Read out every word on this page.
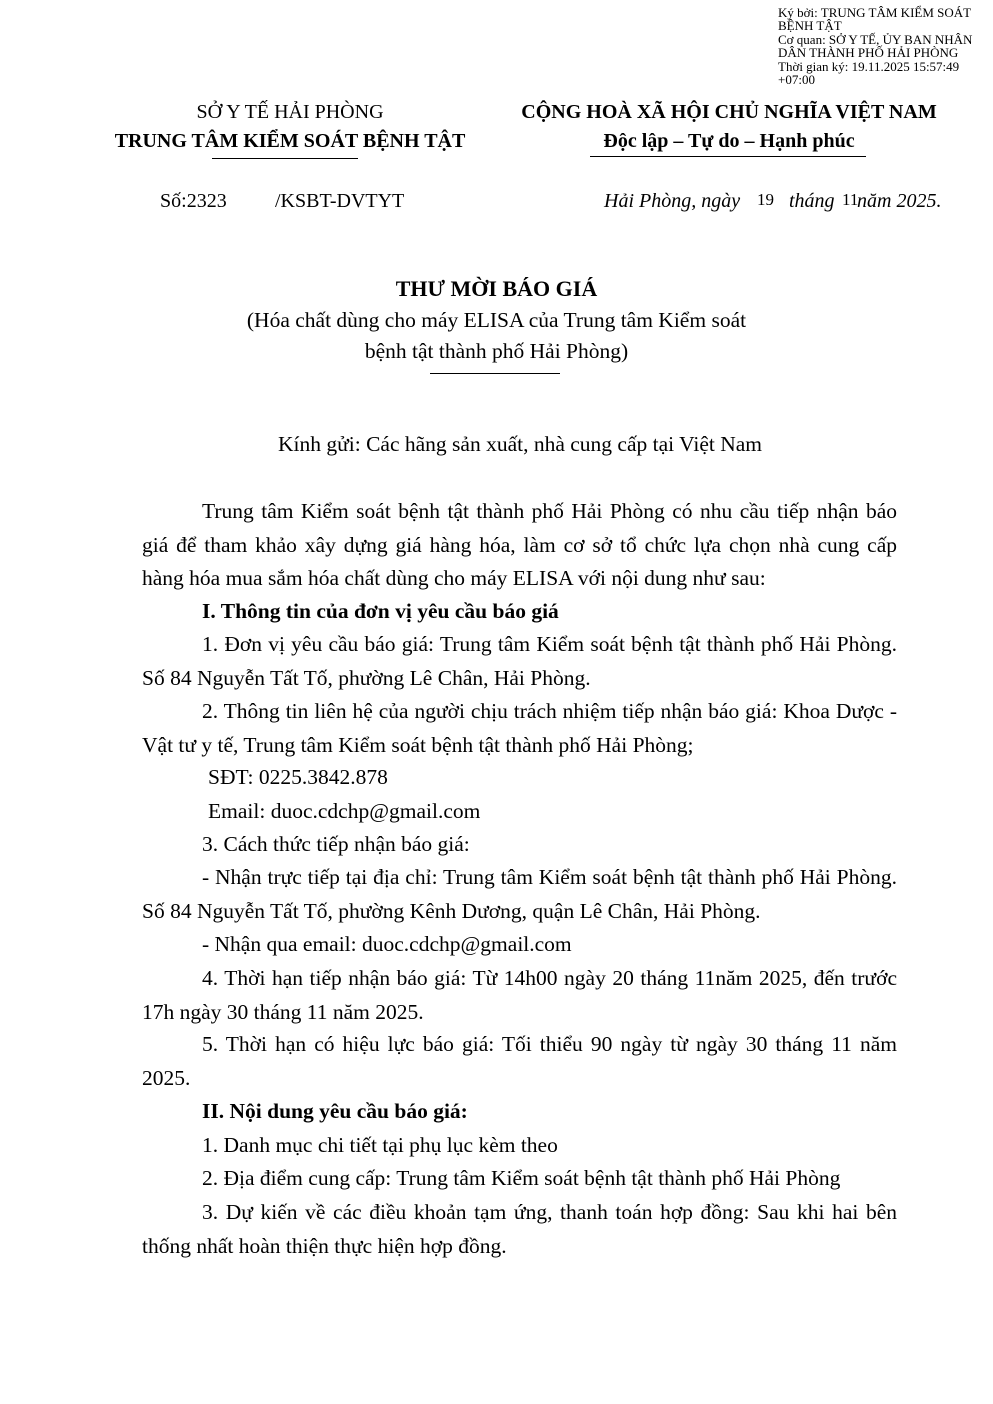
Ký bởi: TRUNG TÂM KIỂM SOÁT BỆNH TẬT
Cơ quan: SỞ Y TẾ, ỦY BAN NHÂN DÂN THÀNH PHỐ HẢI PHÒNG
Thời gian ký: 19.11.2025 15:57:49 +07:00
SỞ Y TẾ HẢI PHÒNG
TRUNG TÂM KIỂM SOÁT BỆNH TẬT
CỘNG HOÀ XÃ HỘI CHỦ NGHĨA VIỆT NAM
Độc lập – Tự do – Hạnh phúc
Số:2323 /KSBT-DVTYT	Hải Phòng, ngày 19 tháng 11
năm 2025.
THƯ MỜI BÁO GIÁ
(Hóa chất dùng cho máy ELISA của Trung tâm Kiểm soát
bệnh tật thành phố Hải Phòng)
Kính gửi: Các hãng sản xuất, nhà cung cấp tại Việt Nam
Trung tâm Kiểm soát bệnh tật thành phố Hải Phòng có nhu cầu tiếp nhận báo giá để tham khảo xây dựng giá hàng hóa, làm cơ sở tổ chức lựa chọn nhà cung cấp hàng hóa mua sắm hóa chất dùng cho máy ELISA với nội dung như sau:
I. Thông tin của đơn vị yêu cầu báo giá
1. Đơn vị yêu cầu báo giá: Trung tâm Kiểm soát bệnh tật thành phố Hải Phòng. Số 84 Nguyễn Tất Tố, phường Lê Chân, Hải Phòng.
2. Thông tin liên hệ của người chịu trách nhiệm tiếp nhận báo giá: Khoa Dược - Vật tư y tế, Trung tâm Kiểm soát bệnh tật thành phố Hải Phòng;
SĐT: 0225.3842.878
Email: duoc.cdchp@gmail.com
3. Cách thức tiếp nhận báo giá:
- Nhận trực tiếp tại địa chỉ: Trung tâm Kiểm soát bệnh tật thành phố Hải Phòng. Số 84 Nguyễn Tất Tố, phường Kênh Dương, quận Lê Chân, Hải Phòng.
- Nhận qua email: duoc.cdchp@gmail.com
4. Thời hạn tiếp nhận báo giá: Từ 14h00 ngày 20 tháng 11năm 2025, đến trước 17h ngày 30 tháng 11 năm 2025.
5. Thời hạn có hiệu lực báo giá: Tối thiểu 90 ngày từ ngày 30 tháng 11 năm 2025.
II. Nội dung yêu cầu báo giá:
1. Danh mục chi tiết tại phụ lục kèm theo
2. Địa điểm cung cấp: Trung tâm Kiểm soát bệnh tật thành phố Hải Phòng
3. Dự kiến về các điều khoản tạm ứng, thanh toán hợp đồng: Sau khi hai bên thống nhất hoàn thiện thực hiện hợp đồng.
